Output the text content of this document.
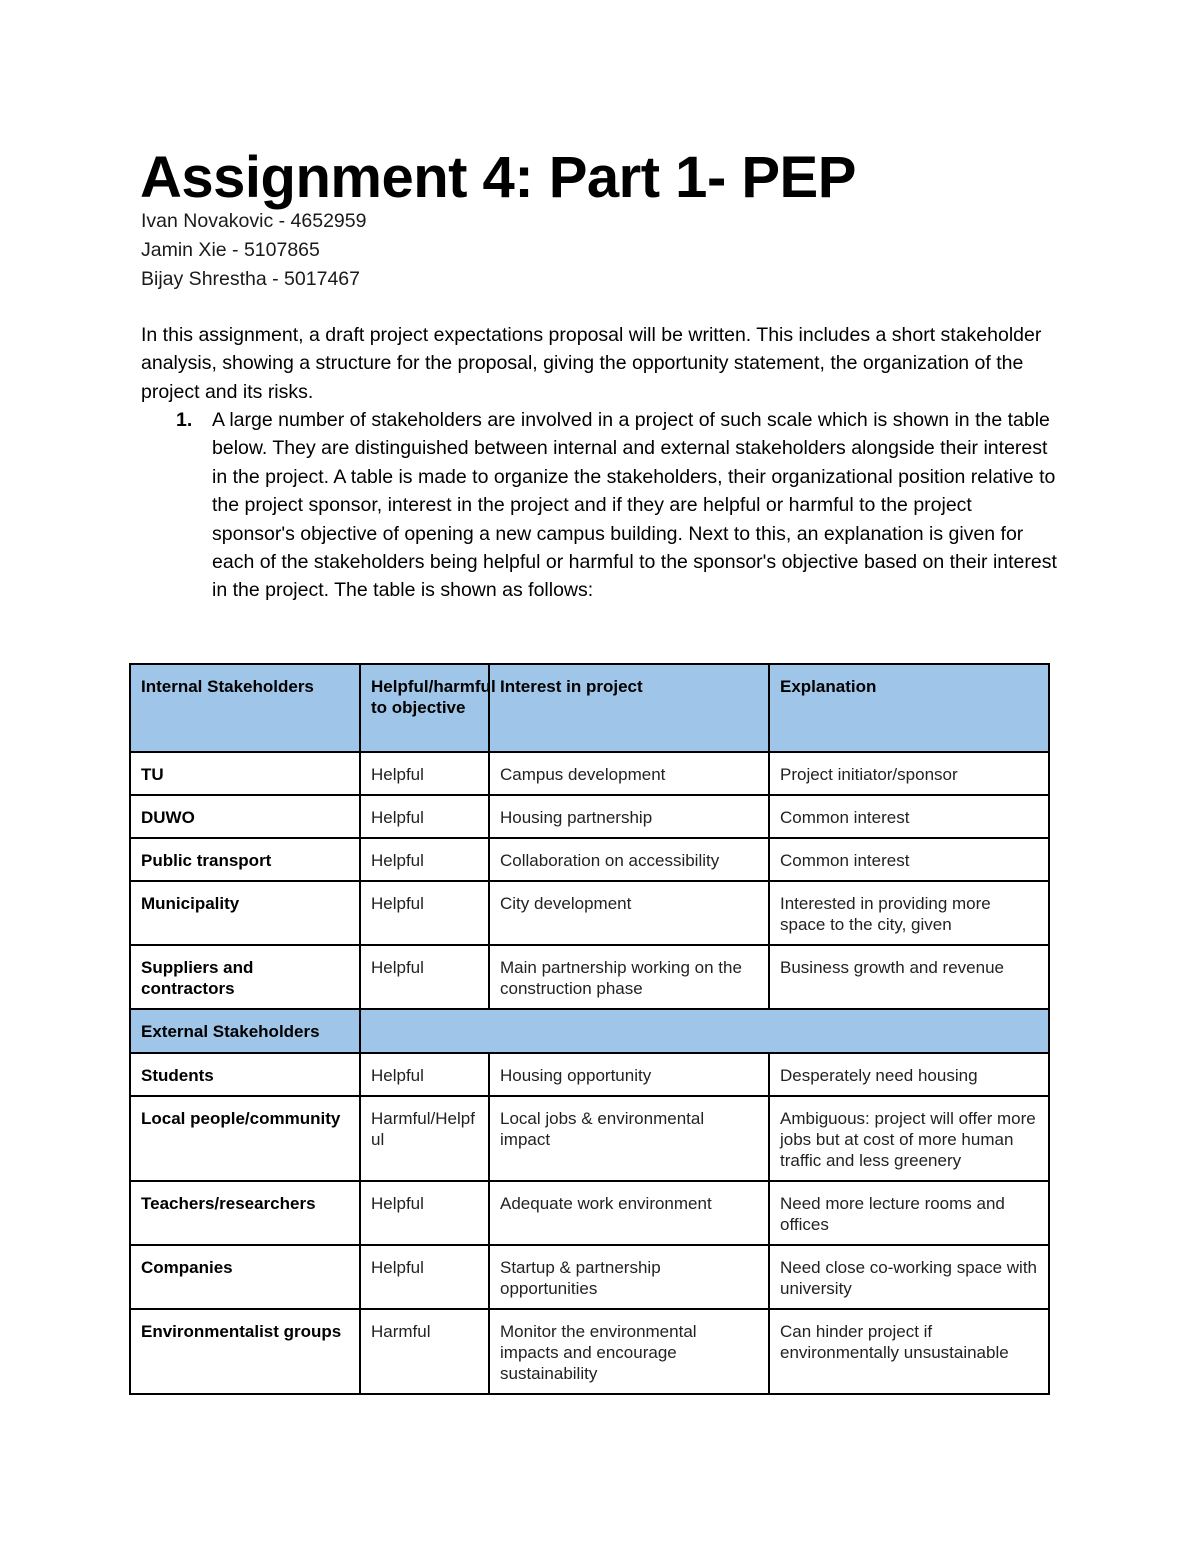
Assignment 4: Part 1- PEP
Ivan Novakovic - 4652959
Jamin Xie - 5107865
Bijay Shrestha - 5017467

In this assignment, a draft project expectations proposal will be written. This includes a short stakeholder analysis, showing a structure for the proposal, giving the opportunity statement, the organization of the project and its risks.

1. A large number of stakeholders are involved in a project of such scale which is shown in the table below. They are distinguished between internal and external stakeholders alongside their interest in the project. A table is made to organize the stakeholders, their organizational position relative to the project sponsor, interest in the project and if they are helpful or harmful to the project sponsor's objective of opening a new campus building. Next to this, an explanation is given for each of the stakeholders being helpful or harmful to the sponsor's objective based on their interest in the project. The table is shown as follows:
Internal Stakeholders	Helpful/harmful to objective	Interest in project	Explanation
TU	Helpful	Campus development	Project initiator/sponsor
DUWO	Helpful	Housing partnership	Common interest
Public transport	Helpful	Collaboration on accessibility	Common interest
Municipality	Helpful	City development	Interested in providing more space to the city, given
Suppliers and contractors	Helpful	Main partnership working on the construction phase	Business growth and revenue
External Stakeholders			
Students	Helpful	Housing opportunity	Desperately need housing
Local people/community	Harmful/Helpful	Local jobs & environmental impact	Ambiguous: project will offer more jobs but at cost of more human traffic and less greenery
Teachers/researchers	Helpful	Adequate work environment	Need more lecture rooms and offices
Companies	Helpful	Startup & partnership opportunities	Need close co-working space with university
Environmentalist groups	Harmful	Monitor the environmental impacts and encourage sustainability	Can hinder project if environmentally unsustainable
